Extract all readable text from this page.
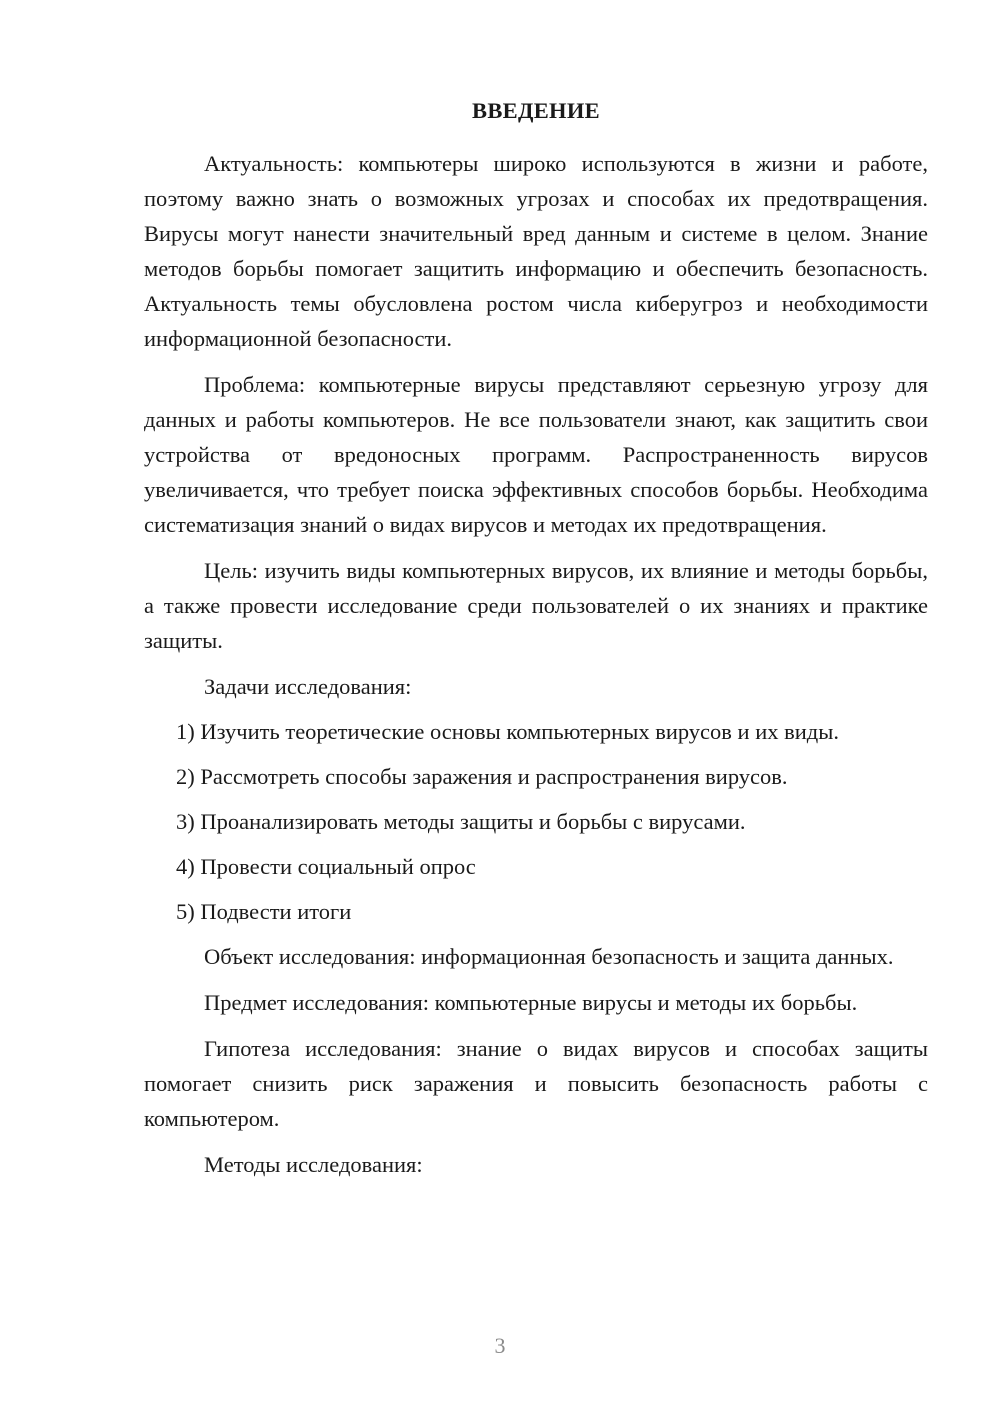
ВВЕДЕНИЕ

Актуальность: компьютеры широко используются в жизни и работе, поэтому важно знать о возможных угрозах и способах их предотвращения. Вирусы могут нанести значительный вред данным и системе в целом. Знание методов борьбы помогает защитить информацию и обеспечить безопасность. Актуальность темы обусловлена ростом числа киберугроз и необходимости информационной безопасности.

Проблема: компьютерные вирусы представляют серьезную угрозу для данных и работы компьютеров. Не все пользователи знают, как защитить свои устройства от вредоносных программ. Распространенность вирусов увеличивается, что требует поиска эффективных способов борьбы. Необходима систематизация знаний о видах вирусов и методах их предотвращения.

Цель: изучить виды компьютерных вирусов, их влияние и методы борьбы, а также провести исследование среди пользователей о их знаниях и практике защиты.

Задачи исследования:

1) Изучить теоретические основы компьютерных вирусов и их виды.
2) Рассмотреть способы заражения и распространения вирусов.
3) Проанализировать методы защиты и борьбы с вирусами.
4) Провести социальный опрос
5) Подвести итоги

Объект исследования: информационная безопасность и защита данных.

Предмет исследования: компьютерные вирусы и методы их борьбы.

Гипотеза исследования: знание о видах вирусов и способах защиты помогает снизить риск заражения и повысить безопасность работы с компьютером.

Методы исследования:

3
